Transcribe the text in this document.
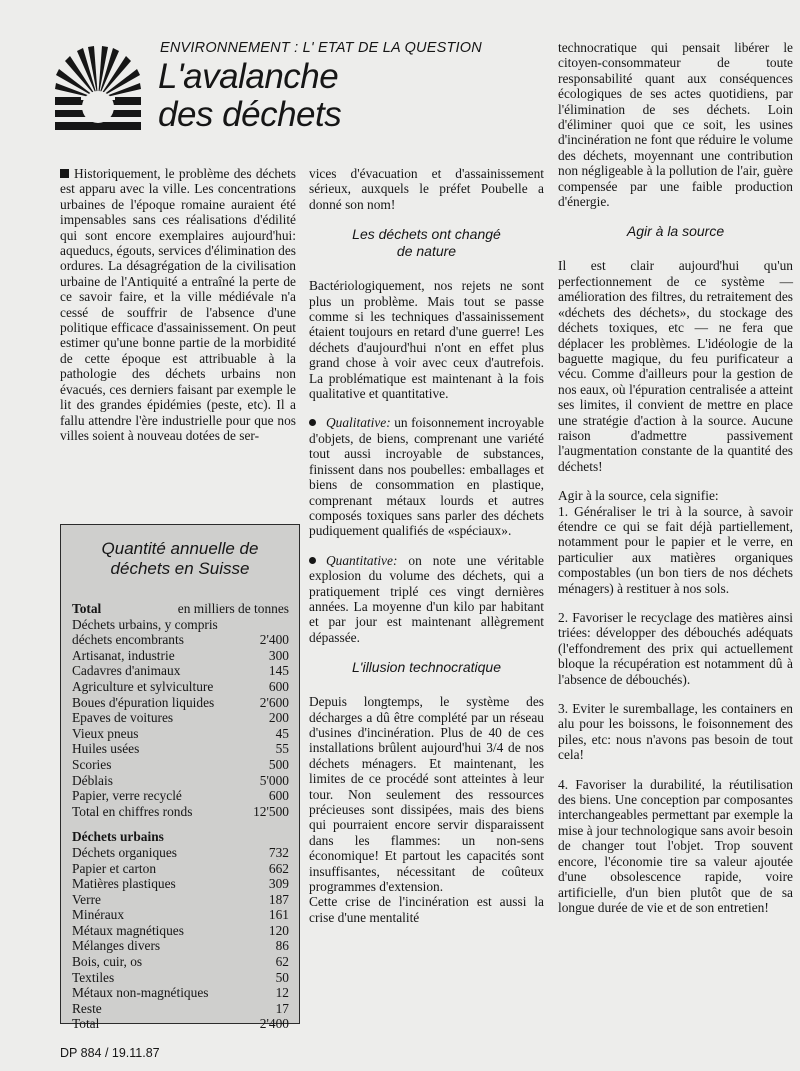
ENVIRONNEMENT : L' ETAT DE LA QUESTION
L'avalanche
des déchets

Historiquement, le problème des déchets est apparu avec la ville. Les concentrations urbaines de l'époque romaine auraient été impensables sans ces réalisations d'édilité qui sont encore exemplaires aujourd'hui: aqueducs, égouts, services d'élimination des ordures. La désagrégation de la civilisation urbaine de l'Antiquité a entraîné la perte de ce savoir faire, et la ville médiévale n'a cessé de souffrir de l'absence d'une politique efficace d'assainissement. On peut estimer qu'une bonne partie de la morbidité de cette époque est attribuable à la pathologie des déchets urbains non évacués, ces derniers faisant par exemple le lit des grandes épidémies (peste, etc). Il a fallu attendre l'ère industrielle pour que nos villes soient à nouveau dotées de ser-

Quantité annuelle de
déchets en Suisse
Total	en milliers de tonnes
Déchets urbains, y compris
déchets encombrants	2'400
Artisanat, industrie	300
Cadavres d'animaux	145
Agriculture et sylviculture	600
Boues d'épuration liquides	2'600
Epaves de voitures	200
Vieux pneus	45
Huiles usées	55
Scories	500
Déblais	5'000
Papier, verre recyclé	600
Total en chiffres ronds	12'500
Déchets urbains
Déchets organiques	732
Papier et carton	662
Matières plastiques	309
Verre	187
Minéraux	161
Métaux magnétiques	120
Mélanges divers	86
Bois, cuir, os	62
Textiles	50
Métaux non-magnétiques	12
Reste	17
Total	2'400

vices d'évacuation et d'assainissement sérieux, auxquels le préfet Poubelle a donné son nom!

Les déchets ont changé
de nature

Bactériologiquement, nos rejets ne sont plus un problème. Mais tout se passe comme si les techniques d'assainissement étaient toujours en retard d'une guerre! Les déchets d'aujourd'hui n'ont en effet plus grand chose à voir avec ceux d'autrefois. La problématique est maintenant à la fois qualitative et quantitative.

Qualitative: un foisonnement incroyable d'objets, de biens, comprenant une variété tout aussi incroyable de substances, finissent dans nos poubelles: emballages et biens de consommation en plastique, comprenant métaux lourds et autres composés toxiques sans parler des déchets pudiquement qualifiés de «spéciaux».

Quantitative: on note une véritable explosion du volume des déchets, qui a pratiquement triplé ces vingt dernières années. La moyenne d'un kilo par habitant et par jour est maintenant allègrement dépassée.

L'illusion technocratique

Depuis longtemps, le système des décharges a dû être complété par un réseau d'usines d'incinération. Plus de 40 de ces installations brûlent aujourd'hui 3/4 de nos déchets ménagers. Et maintenant, les limites de ce procédé sont atteintes à leur tour. Non seulement des ressources précieuses sont dissipées, mais des biens qui pourraient encore servir disparaissent dans les flammes: un non-sens économique! Et partout les capacités sont insuffisantes, nécessitant de coûteux programmes d'extension.

Cette crise de l'incinération est aussi la crise d'une mentalité

technocratique qui pensait libérer le citoyen-consommateur de toute responsabilité quant aux conséquences écologiques de ses actes quotidiens, par l'élimination de ses déchets. Loin d'éliminer quoi que ce soit, les usines d'incinération ne font que réduire le volume des déchets, moyennant une contribution non négligeable à la pollution de l'air, guère compensée par une faible production d'énergie.

Agir à la source

Il est clair aujourd'hui qu'un perfectionnement de ce système — amélioration des filtres, du retraitement des «déchets des déchets», du stockage des déchets toxiques, etc — ne fera que déplacer les problèmes. L'idéologie de la baguette magique, du feu purificateur a vécu. Comme d'ailleurs pour la gestion de nos eaux, où l'épuration centralisée a atteint ses limites, il convient de mettre en place une stratégie d'action à la source. Aucune raison d'admettre passivement l'augmentation constante de la quantité des déchets!

Agir à la source, cela signifie:

1. Généraliser le tri à la source, à savoir étendre ce qui se fait déjà partiellement, notamment pour le papier et le verre, en particulier aux matières organiques compostables (un bon tiers de nos déchets ménagers) à restituer à nos sols.

2. Favoriser le recyclage des matières ainsi triées: développer des débouchés adéquats (l'effondrement des prix qui actuellement bloque la récupération est notamment dû à l'absence de débouchés).

3. Eviter le suremballage, les containers en alu pour les boissons, le foisonnement des piles, etc: nous n'avons pas besoin de tout cela!

4. Favoriser la durabilité, la réutilisation des biens. Une conception par composantes interchangeables permettant par exemple la mise à jour technologique sans avoir besoin de changer tout l'objet. Trop souvent encore, l'économie tire sa valeur ajoutée d'une obsolescence rapide, voire artificielle, d'un bien plutôt que de sa longue durée de vie et de son entretien!

DP 884 / 19.11.87
